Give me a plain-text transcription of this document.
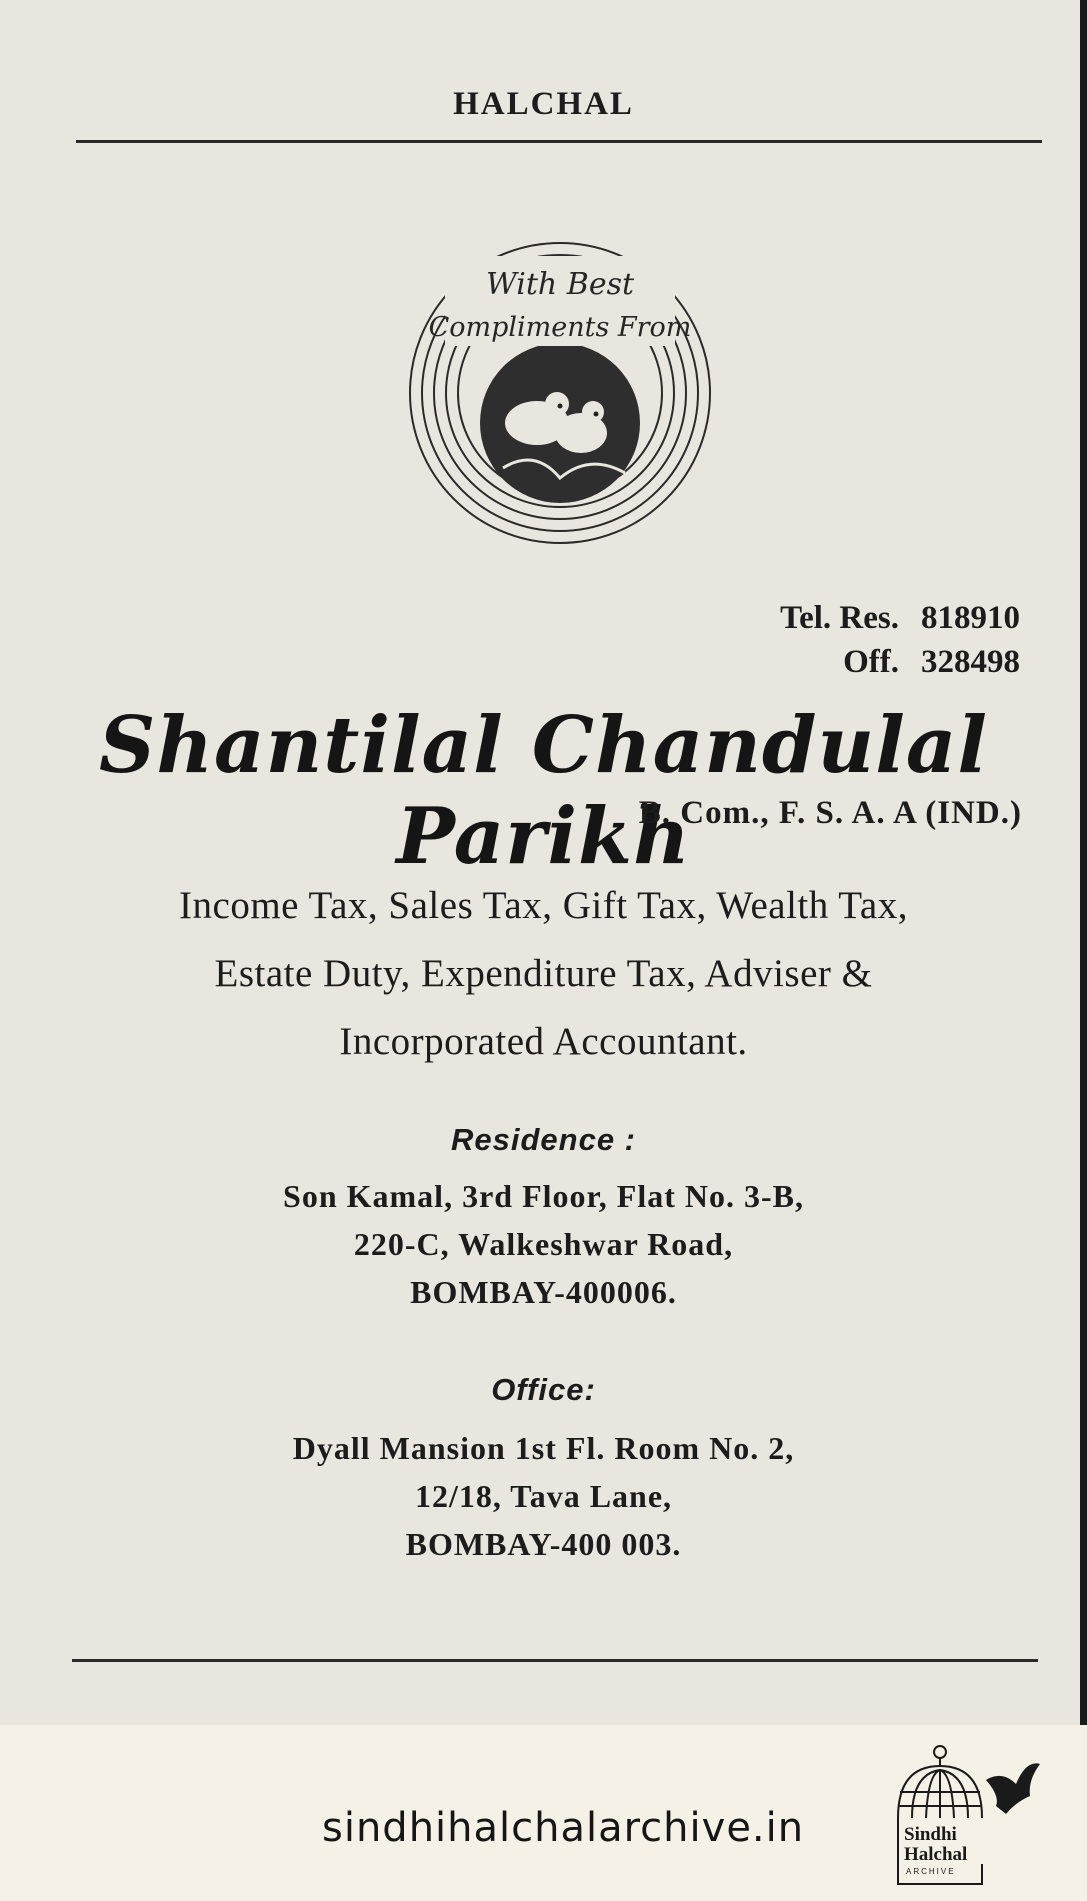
HALCHAL
With Best
Compliments From
Tel. Res. 818910
Off. 328498
Shantilal Chandulal Parikh
B. Com., F. S. A. A (IND.)
Income Tax, Sales Tax, Gift Tax, Wealth Tax,
Estate Duty, Expenditure Tax, Adviser &
Incorporated Accountant.
Residence :
Son Kamal, 3rd Floor, Flat No. 3-B,
220-C, Walkeshwar Road,
BOMBAY-400006.
Office:
Dyall Mansion 1st Fl. Room No. 2,
12/18, Tava Lane,
BOMBAY-400 003.
sindhihalchalarchive.in	Sindhi
Halchal
ARCHIVE
